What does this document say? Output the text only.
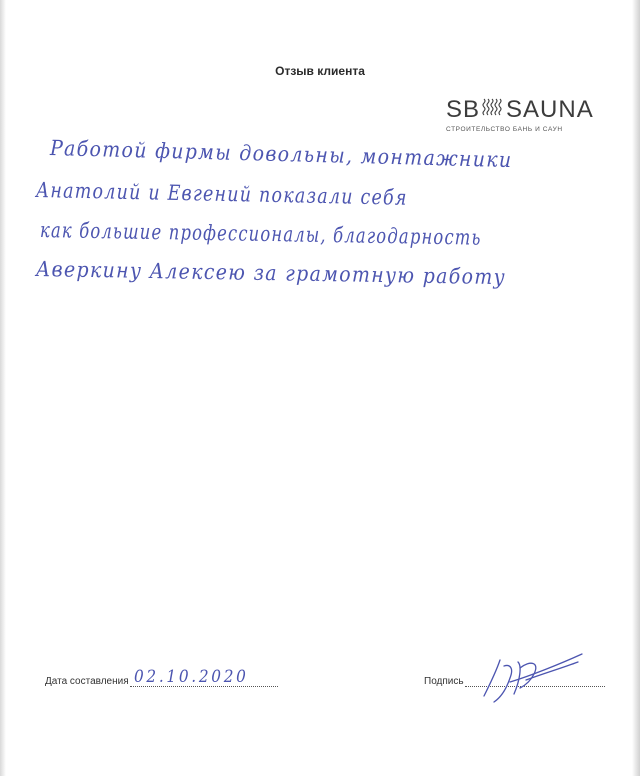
Отзыв клиента
SB SAUNA
СТРОИТЕЛЬСТВО БАНЬ И САУН
Работой фирмы довольны, монтажники
Анатолий и Евгений показали себя
как большие профессионалы, благодарность
Аверкину Алексею за грамотную работу
Дата составления 02.10.2020	Подпись
